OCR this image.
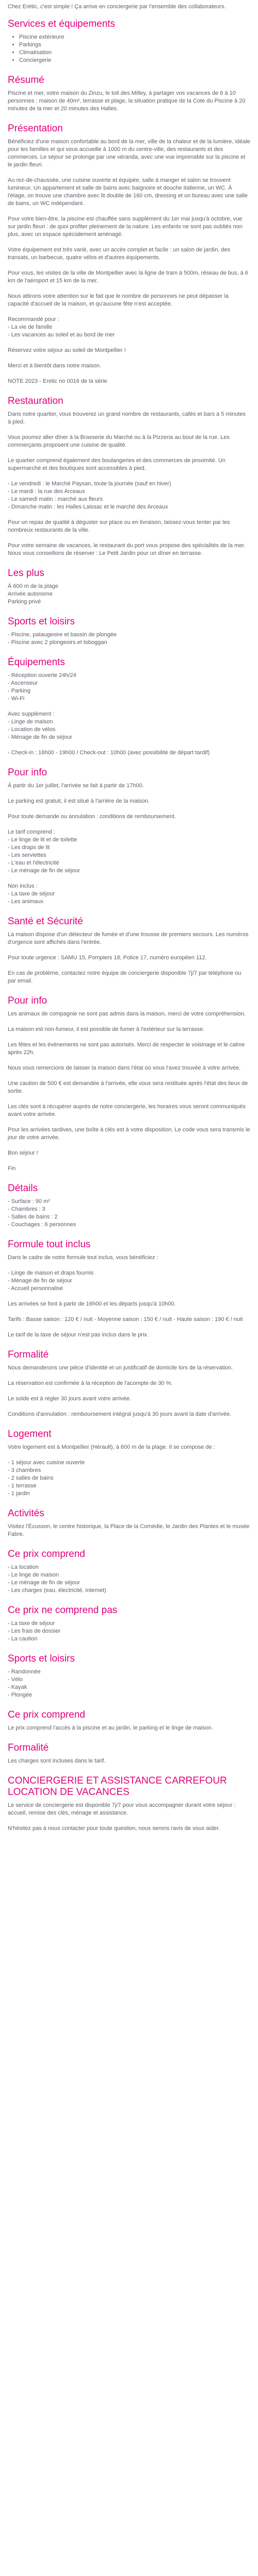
Chez Erétic, c'est simple ! Ça arrive en conciergerie par l'ensemble des collaborateurs.

Services et équipements
• Piscine extérieure
• Parkings
• Climatisation
• Conciergerie
Résumé

Piscine et mer, votre maison du Zinzu, le toit des Milley, à partager vos vacances de 6 à 10 personnes : maison de 40m², terrasse et plage, la situation pratique de la Cote du Piscine à 20 minutes de la mer et 20 minutes des Halles.

Présentation

Bénéficiez d'une maison confortable au bord de la mer, ville de la chaleur et de la lumière, idéale pour les familles et qui vous accueille à 1000 m du centre-ville, des restaurants et des commerces. Le séjour se prolonge par une véranda, avec une vue imprenable sur la piscine et le jardin fleuri.

Au rez-de-chaussée, une cuisine ouverte et équipée, salle à manger et salon se trouvent lumineux. Un appartement et salle de bains avec baignoire et douche italienne, un WC. À l'étage, on trouve une chambre avec lit double de 160 cm, dressing et un bureau avec une salle de bains, un WC indépendant.

Pour votre bien-être, la piscine est chauffée sans supplément du 1er mai jusqu'à octobre, vue sur jardin fleuri : de quoi profiter pleinement de la nature. Les enfants ne sont pas oubliés non plus, avec un espace spécialement aménagé.

Votre équipement est très varié, avec un accès complet et facile : un salon de jardin, des transats, un barbecue, quatre vélos et d'autres équipements.

Pour vous, les visites de la ville de Montpellier avec la ligne de tram à 500m, réseau de bus, à 6 km de l'aéroport et 15 km de la mer.

Nous attirons votre attention sur le fait que le nombre de personnes ne peut dépasser la capacité d'accueil de la maison, et qu'aucune fête n'est acceptée.

Recommandé pour :
- La vie de famille
- Les vacances au soleil et au bord de mer

Réservez votre séjour au soleil de Montpellier !

Merci et à bientôt dans notre maison.

NOTE 2023 - Eretic no 0016 de la série

Restauration

Dans notre quartier, vous trouverez un grand nombre de restaurants, cafés et bars à 5 minutes à pied.

Vous pourrez aller dîner à la Brasserie du Marché ou à la Pizzeria au bout de la rue. Les commerçants proposent une cuisine de qualité.

Le quartier comprend également des boulangeries et des commerces de proximité. Un supermarché et des boutiques sont accessibles à pied.

- Le vendredi : le Marché Paysan, toute la journée (sauf en hiver)
- Le mardi : la rue des Arceaux
- Le samedi matin : marché aux fleurs
- Dimanche matin : les Halles Laissac et le marché des Arceaux

Pour un repas de qualité à déguster sur place ou en livraison, laissez-vous tenter par les nombreux restaurants de la ville.

Pour votre semaine de vacances, le restaurant du port vous propose des spécialités de la mer. Nous vous conseillons de réserver : Le Petit Jardin pour un dîner en terrasse.

Les plus

À 600 m de la plage
Arrivée autonome
Parking privé

Sports et loisirs

- Piscine, pataugeoire et bassin de plongée
- Piscine avec 2 plongeoirs et toboggan

Équipements

- Réception ouverte 24h/24
- Ascenseur
- Parking
- Wi-Fi

Avec supplément :
- Linge de maison
- Location de vélos
- Ménage de fin de séjour

- Check-in : 16h00 - 19h00 / Check-out : 10h00 (avec possibilité de départ tardif)

Pour info

À partir du 1er juillet, l'arrivée se fait à partir de 17h00.

Le parking est gratuit, il est situé à l'arrière de la maison.

Pour toute demande ou annulation : conditions de remboursement.

Le tarif comprend :
- Le linge de lit et de toilette
- Les draps de lit
- Les serviettes
- L'eau et l'électricité
- Le ménage de fin de séjour

Non inclus :
- La taxe de séjour
- Les animaux

Santé et Sécurité

La maison dispose d'un détecteur de fumée et d'une trousse de premiers secours. Les numéros d'urgence sont affichés dans l'entrée.

Pour toute urgence : SAMU 15, Pompiers 18, Police 17, numéro européen 112.

En cas de problème, contactez notre équipe de conciergerie disponible 7j/7 par téléphone ou par email.

Pour info

Les animaux de compagnie ne sont pas admis dans la maison, merci de votre compréhension.

La maison est non-fumeur, il est possible de fumer à l'extérieur sur la terrasse.

Les fêtes et les événements ne sont pas autorisés. Merci de respecter le voisinage et le calme après 22h.

Nous vous remercions de laisser la maison dans l'état où vous l'avez trouvée à votre arrivée.

Une caution de 500 € est demandée à l'arrivée, elle vous sera restituée après l'état des lieux de sortie.

Les clés sont à récupérer auprès de notre conciergerie, les horaires vous seront communiqués avant votre arrivée.

Pour les arrivées tardives, une boîte à clés est à votre disposition. Le code vous sera transmis le jour de votre arrivée.

Bon séjour !

Fin

Détails

- Surface : 90 m²
- Chambres : 3
- Salles de bains : 2
- Couchages : 6 personnes

Formule tout inclus

Dans le cadre de notre formule tout inclus, vous bénéficiez :

- Linge de maison et draps fournis
- Ménage de fin de séjour
- Accueil personnalisé

Les arrivées se font à partir de 16h00 et les départs jusqu'à 10h00.

Tarifs : Basse saison : 120 € / nuit - Moyenne saison : 150 € / nuit - Haute saison : 190 € / nuit

Le tarif de la taxe de séjour n'est pas inclus dans le prix.

Formalité

Nous demanderons une pièce d'identité et un justificatif de domicile lors de la réservation.

La réservation est confirmée à la réception de l'acompte de 30 %.

Le solde est à régler 30 jours avant votre arrivée.

Conditions d'annulation : remboursement intégral jusqu'à 30 jours avant la date d'arrivée.

Logement

Votre logement est à Montpellier (Hérault), à 600 m de la plage. Il se compose de :

- 1 séjour avec cuisine ouverte
- 3 chambres
- 2 salles de bains
- 1 terrasse
- 1 jardin

Activités

Visitez l'Écusson, le centre historique, la Place de la Comédie, le Jardin des Plantes et le musée Fabre.

Ce prix comprend

- La location
- Le linge de maison
- Le ménage de fin de séjour
- Les charges (eau, électricité, internet)

Ce prix ne comprend pas

- La taxe de séjour
- Les frais de dossier
- La caution

Sports et loisirs

- Randonnée
- Vélo
- Kayak
- Plongée

Ce prix comprend

Le prix comprend l'accès à la piscine et au jardin, le parking et le linge de maison.

Formalité

Les charges sont incluses dans le tarif.

CONCIERGERIE ET ASSISTANCE CARREFOUR LOCATION DE VACANCES

Le service de conciergerie est disponible 7j/7 pour vous accompagner durant votre séjour : accueil, remise des clés, ménage et assistance.

N'hésitez pas à nous contacter pour toute question, nous serons ravis de vous aider.
